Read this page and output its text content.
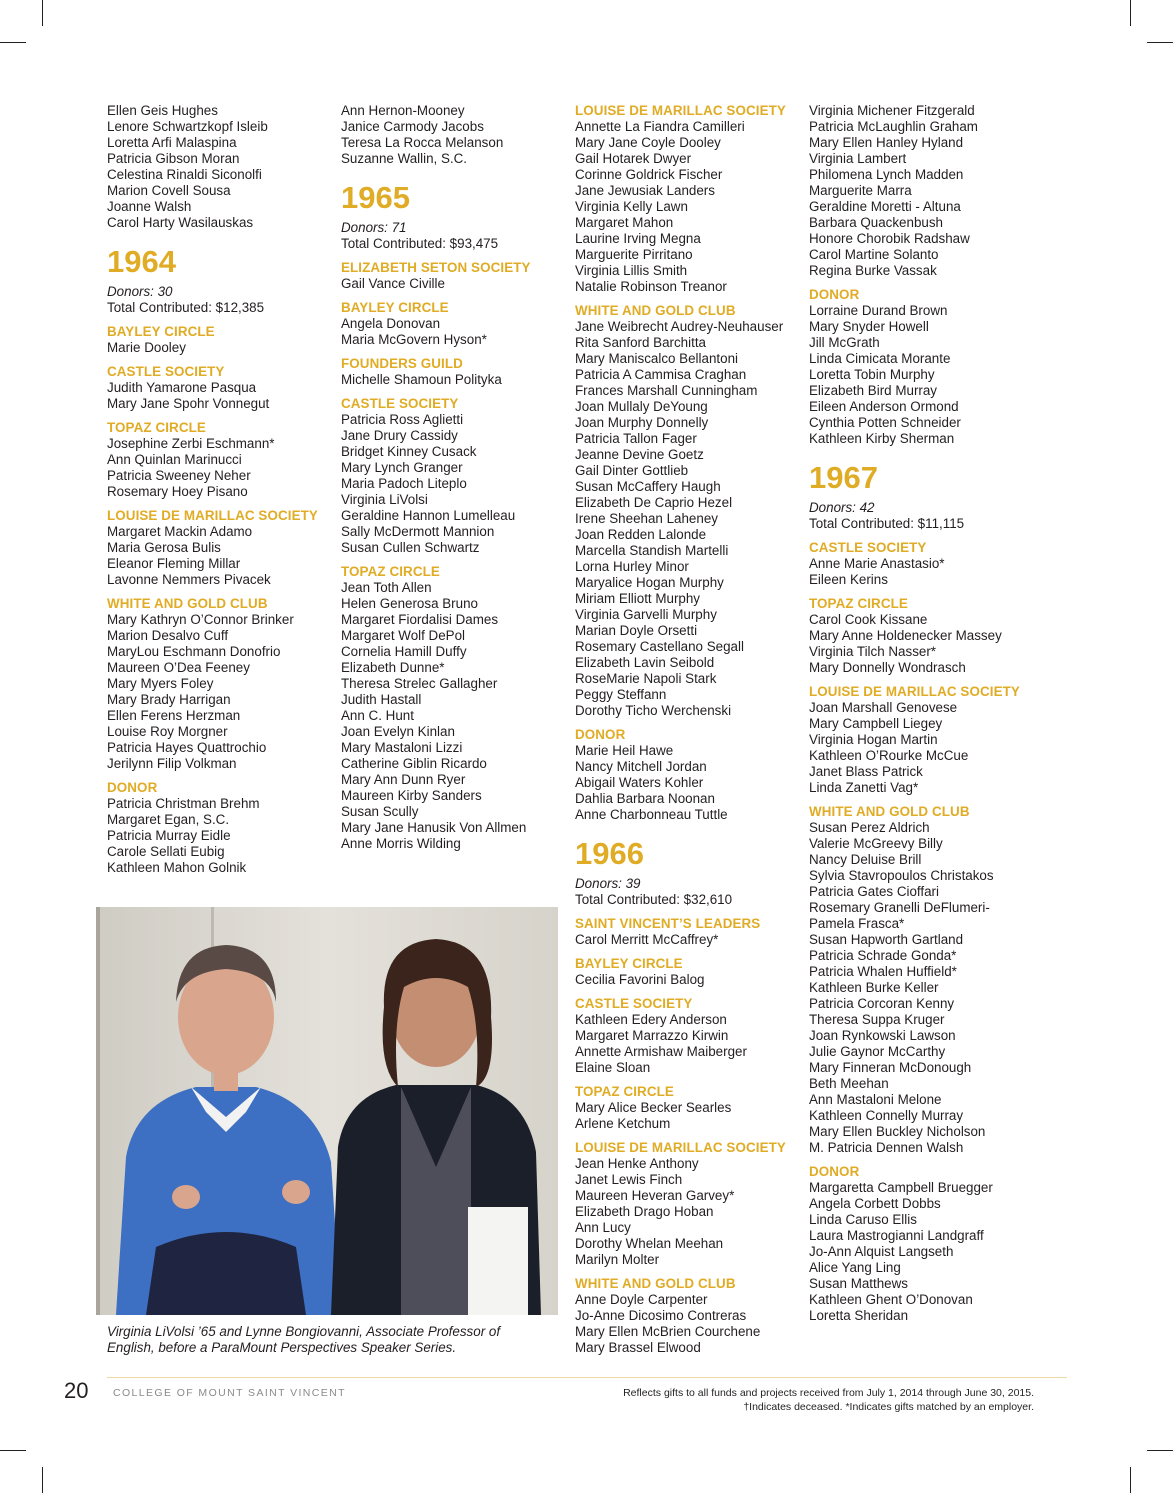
Ellen Geis Hughes
Lenore Schwartzkopf Isleib
Loretta Arfi Malaspina
Patricia Gibson Moran
Celestina Rinaldi Siconolfi
Marion Covell Sousa
Joanne Walsh
Carol Harty Wasilauskas
1964
Donors: 30
Total Contributed: $12,385
BAYLEY CIRCLE
Marie Dooley
CASTLE SOCIETY
Judith Yamarone Pasqua
Mary Jane Spohr Vonnegut
TOPAZ CIRCLE
Josephine Zerbi Eschmann*
Ann Quinlan Marinucci
Patricia Sweeney Neher
Rosemary Hoey Pisano
LOUISE DE MARILLAC SOCIETY
Margaret Mackin Adamo
Maria Gerosa Bulis
Eleanor Fleming Millar
Lavonne Nemmers Pivacek
WHITE AND GOLD CLUB
Mary Kathryn O’Connor Brinker
Marion Desalvo Cuff
MaryLou Eschmann Donofrio
Maureen O’Dea Feeney
Mary Myers Foley
Mary Brady Harrigan
Ellen Ferens Herzman
Louise Roy Morgner
Patricia Hayes Quattrochio
Jerilynn Filip Volkman
DONOR
Patricia Christman Brehm
Margaret Egan, S.C.
Patricia Murray Eidle
Carole Sellati Eubig
Kathleen Mahon Golnik
Ann Hernon-Mooney
Janice Carmody Jacobs
Teresa La Rocca Melanson
Suzanne Wallin, S.C.
1965
Donors: 71
Total Contributed: $93,475
ELIZABETH SETON SOCIETY
Gail Vance Civille
BAYLEY CIRCLE
Angela Donovan
Maria McGovern Hyson*
FOUNDERS GUILD
Michelle Shamoun Polityka
CASTLE SOCIETY
Patricia Ross Aglietti
Jane Drury Cassidy
Bridget Kinney Cusack
Mary Lynch Granger
Maria Padoch Liteplo
Virginia LiVolsi
Geraldine Hannon Lumelleau
Sally McDermott Mannion
Susan Cullen Schwartz
TOPAZ CIRCLE
Jean Toth Allen
Helen Generosa Bruno
Margaret Fiordalisi Dames
Margaret Wolf DePol
Cornelia Hamill Duffy
Elizabeth Dunne*
Theresa Strelec Gallagher
Judith Hastall
Ann C. Hunt
Joan Evelyn Kinlan
Mary Mastaloni Lizzi
Catherine Giblin Ricardo
Mary Ann Dunn Ryer
Maureen Kirby Sanders
Susan Scully
Mary Jane Hanusik Von Allmen
Anne Morris Wilding
LOUISE DE MARILLAC SOCIETY
Annette La Fiandra Camilleri
Mary Jane Coyle Dooley
Gail Hotarek Dwyer
Corinne Goldrick Fischer
Jane Jewusiak Landers
Virginia Kelly Lawn
Margaret Mahon
Laurine Irving Megna
Marguerite Pirritano
Virginia Lillis Smith
Natalie Robinson Treanor
WHITE AND GOLD CLUB
Jane Weibrecht Audrey-Neuhauser
Rita Sanford Barchitta
Mary Maniscalco Bellantoni
Patricia A Cammisa Craghan
Frances Marshall Cunningham
Joan Mullaly DeYoung
Joan Murphy Donnelly
Patricia Tallon Fager
Jeanne Devine Goetz
Gail Dinter Gottlieb
Susan McCaffery Haugh
Elizabeth De Caprio Hezel
Irene Sheehan Laheney
Joan Redden Lalonde
Marcella Standish Martelli
Lorna Hurley Minor
Maryalice Hogan Murphy
Miriam Elliott Murphy
Virginia Garvelli Murphy
Marian Doyle Orsetti
Rosemary Castellano Segall
Elizabeth Lavin Seibold
RoseMarie Napoli Stark
Peggy Steffann
Dorothy Ticho Werchenski
DONOR
Marie Heil Hawe
Nancy Mitchell Jordan
Abigail Waters Kohler
Dahlia Barbara Noonan
Anne Charbonneau Tuttle
1966
Donors: 39
Total Contributed: $32,610
SAINT VINCENT’S LEADERS
Carol Merritt McCaffrey*
BAYLEY CIRCLE
Cecilia Favorini Balog
CASTLE SOCIETY
Kathleen Edery Anderson
Margaret Marrazzo Kirwin
Annette Armishaw Maiberger
Elaine Sloan
TOPAZ CIRCLE
Mary Alice Becker Searles
Arlene Ketchum
LOUISE DE MARILLAC SOCIETY
Jean Henke Anthony
Janet Lewis Finch
Maureen Heveran Garvey*
Elizabeth Drago Hoban
Ann Lucy
Dorothy Whelan Meehan
Marilyn Molter
WHITE AND GOLD CLUB
Anne Doyle Carpenter
Jo-Anne Dicosimo Contreras
Mary Ellen McBrien Courchene
Mary Brassel Elwood
Virginia Michener Fitzgerald
Patricia McLaughlin Graham
Mary Ellen Hanley Hyland
Virginia Lambert
Philomena Lynch Madden
Marguerite Marra
Geraldine Moretti - Altuna
Barbara Quackenbush
Honore Chorobik Radshaw
Carol Martine Solanto
Regina Burke Vassak
DONOR
Lorraine Durand Brown
Mary Snyder Howell
Jill McGrath
Linda Cimicata Morante
Loretta Tobin Murphy
Elizabeth Bird Murray
Eileen Anderson Ormond
Cynthia Potten Schneider
Kathleen Kirby Sherman
1967
Donors: 42
Total Contributed: $11,115
CASTLE SOCIETY
Anne Marie Anastasio*
Eileen Kerins
TOPAZ CIRCLE
Carol Cook Kissane
Mary Anne Holdenecker Massey
Virginia Tilch Nasser*
Mary Donnelly Wondrasch
LOUISE DE MARILLAC SOCIETY
Joan Marshall Genovese
Mary Campbell Liegey
Virginia Hogan Martin
Kathleen O’Rourke McCue
Janet Blass Patrick
Linda Zanetti Vag*
WHITE AND GOLD CLUB
Susan Perez Aldrich
Valerie McGreevy Billy
Nancy Deluise Brill
Sylvia Stavropoulos Christakos
Patricia Gates Cioffari
Rosemary Granelli DeFlumeri-
Pamela Frasca*
Susan Hapworth Gartland
Patricia Schrade Gonda*
Patricia Whalen Huffield*
Kathleen Burke Keller
Patricia Corcoran Kenny
Theresa Suppa Kruger
Joan Rynkowski Lawson
Julie Gaynor McCarthy
Mary Finneran McDonough
Beth Meehan
Ann Mastaloni Melone
Kathleen Connelly Murray
Mary Ellen Buckley Nicholson
M. Patricia Dennen Walsh
DONOR
Margaretta Campbell Bruegger
Angela Corbett Dobbs
Linda Caruso Ellis
Laura Mastrogianni Landgraff
Jo-Ann Alquist Langseth
Alice Yang Ling
Susan Matthews
Kathleen Ghent O’Donovan
Loretta Sheridan
Virginia LiVolsi ’65 and Lynne Bongiovanni, Associate Professor of English, before a ParaMount Perspectives Speaker Series.
20 COLLEGE OF MOUNT SAINT VINCENT	Reflects gifts to all funds and projects received from July 1, 2014 through June 30, 2015.
†Indicates deceased. *Indicates gifts matched by an employer.
